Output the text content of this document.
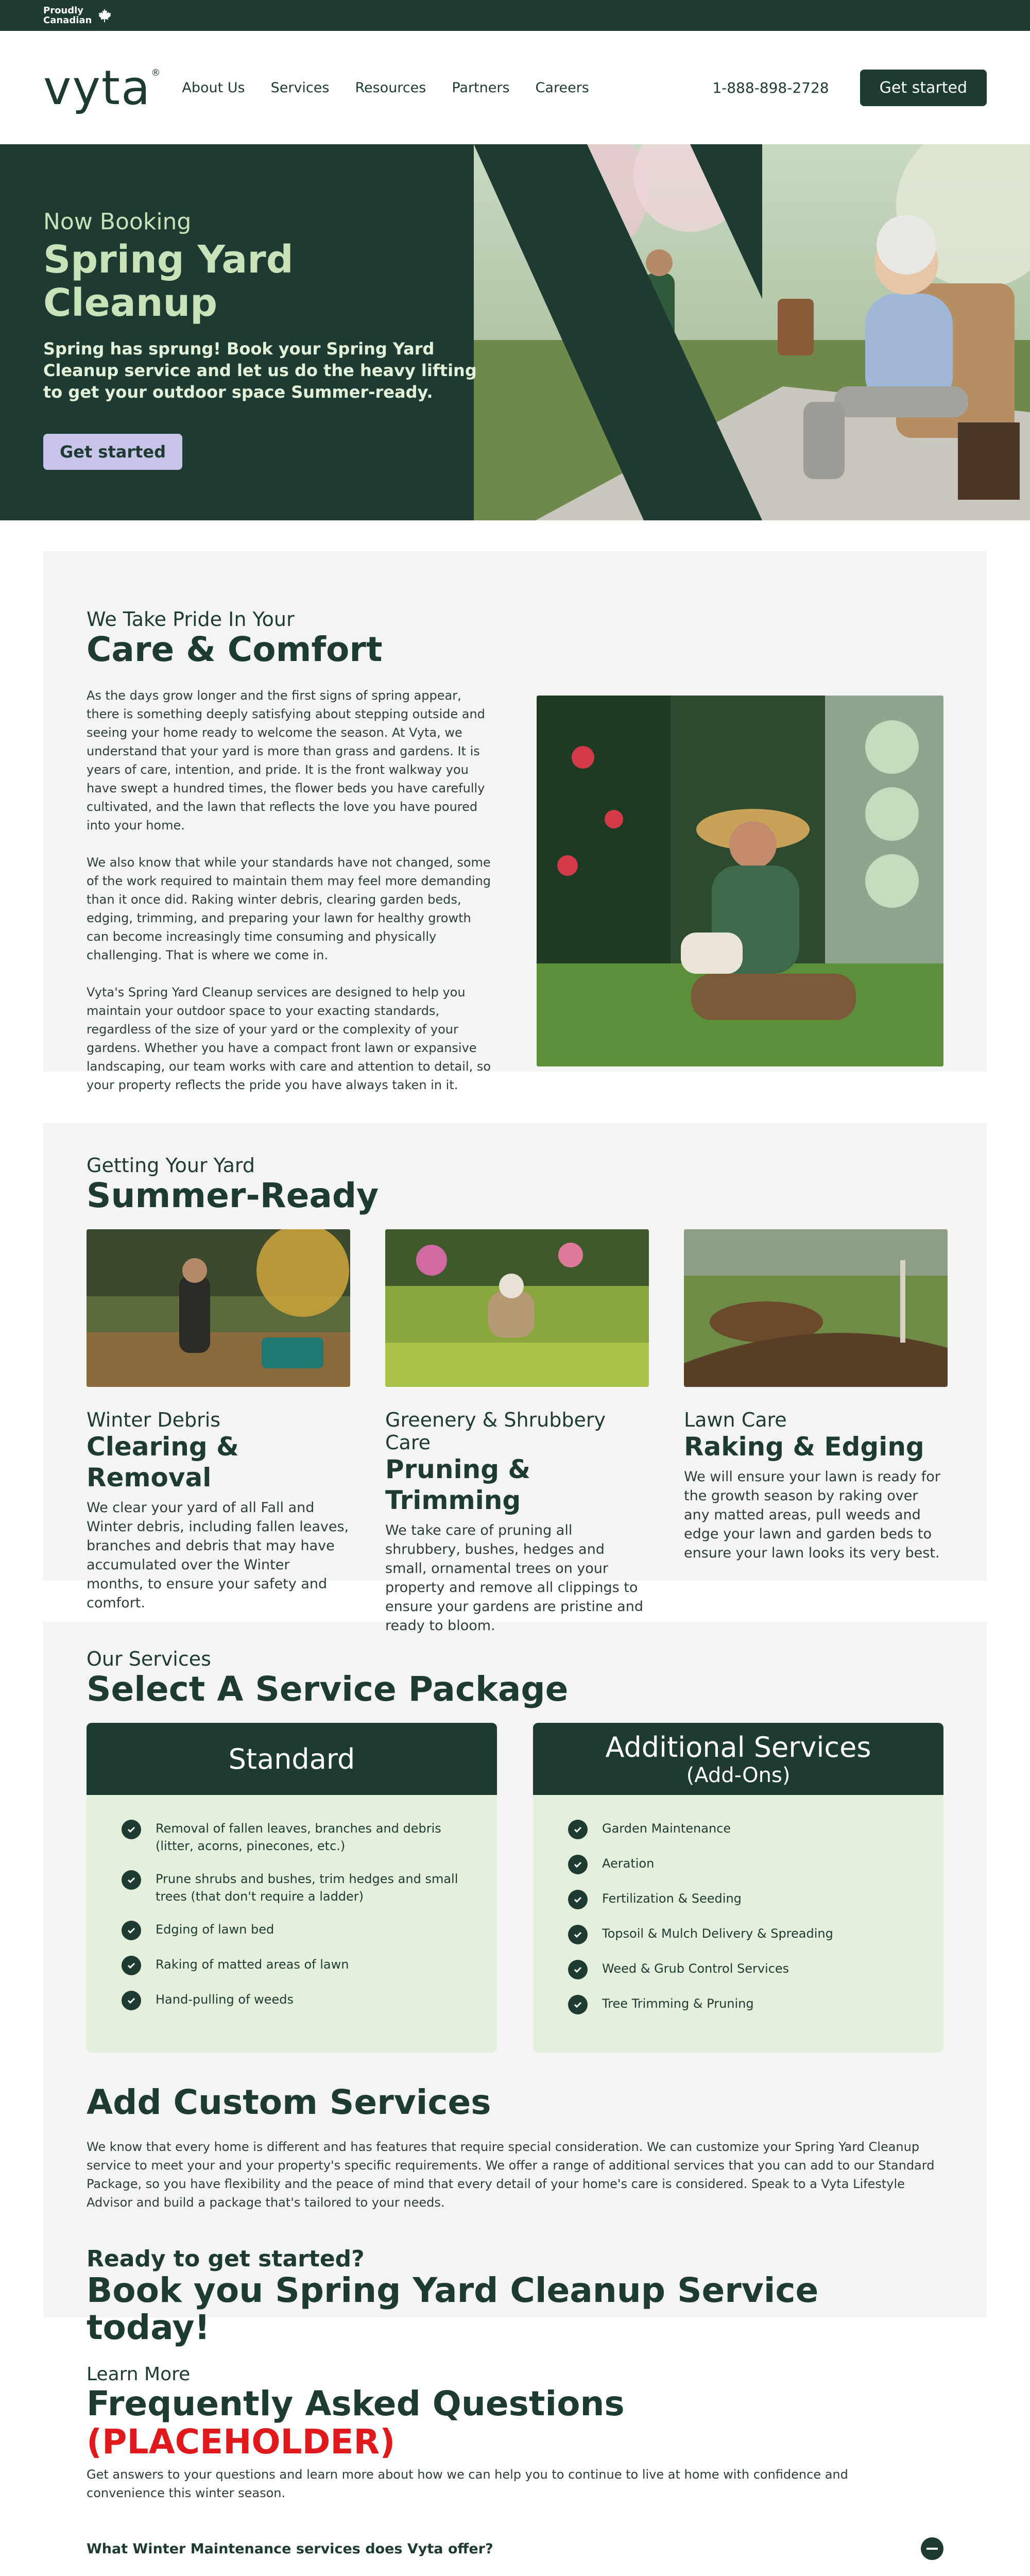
Proudly
Canadian
vyta®
About Us Services Resources Partners Careers	1-888-898-2728	Get started
Now Booking
Spring Yard
Cleanup
Spring has sprung! Book your Spring Yard Cleanup service and let us do the heavy lifting to get your outdoor space Summer-ready.
Get started
We Take Pride In Your
Care & Comfort
As the days grow longer and the first signs of spring appear, there is something deeply satisfying about stepping outside and seeing your home ready to welcome the season. At Vyta, we understand that your yard is more than grass and gardens. It is years of care, intention, and pride. It is the front walkway you have swept a hundred times, the flower beds you have carefully cultivated, and the lawn that reflects the love you have poured into your home.
We also know that while your standards have not changed, some of the work required to maintain them may feel more demanding than it once did. Raking winter debris, clearing garden beds, edging, trimming, and preparing your lawn for healthy growth can become increasingly time consuming and physically challenging. That is where we come in.
Vyta's Spring Yard Cleanup services are designed to help you maintain your outdoor space to your exacting standards, regardless of the size of your yard or the complexity of your gardens. Whether you have a compact front lawn or expansive landscaping, our team works with care and attention to detail, so your property reflects the pride you have always taken in it.
Getting Your Yard
Summer-Ready
Winter Debris
Clearing & Removal
We clear your yard of all Fall and Winter debris, including fallen leaves, branches and debris that may have accumulated over the Winter months, to ensure your safety and comfort.
Greenery & Shrubbery Care
Pruning & Trimming
We take care of pruning all shrubbery, bushes, hedges and small, ornamental trees on your property and remove all clippings to ensure your gardens are pristine and ready to bloom.
Lawn Care
Raking & Edging
We will ensure your lawn is ready for the growth season by raking over any matted areas, pull weeds and edge your lawn and garden beds to ensure your lawn looks its very best.
Our Services
Select A Service Package
Standard
Removal of fallen leaves, branches and debris (litter, acorns, pinecones, etc.)
Prune shrubs and bushes, trim hedges and small trees (that don't require a ladder)
Edging of lawn bed
Raking of matted areas of lawn
Hand-pulling of weeds
Additional Services
(Add-Ons)
Garden Maintenance
Aeration
Fertilization & Seeding
Topsoil & Mulch Delivery & Spreading
Weed & Grub Control Services
Tree Trimming & Pruning
Add Custom Services
We know that every home is different and has features that require special consideration. We can customize your Spring Yard Cleanup service to meet your and your property's specific requirements. We offer a range of additional services that you can add to our Standard Package, so you have flexibility and the peace of mind that every detail of your home's care is considered. Speak to a Vyta Lifestyle Advisor and build a package that's tailored to your needs.
Ready to get started?
Book you Spring Yard Cleanup Service today!
Learn More
Frequently Asked Questions (PLACEHOLDER)
Get answers to your questions and learn more about how we can help you to continue to live at home with confidence and convenience this winter season.
What Winter Maintenance services does Vyta offer?
